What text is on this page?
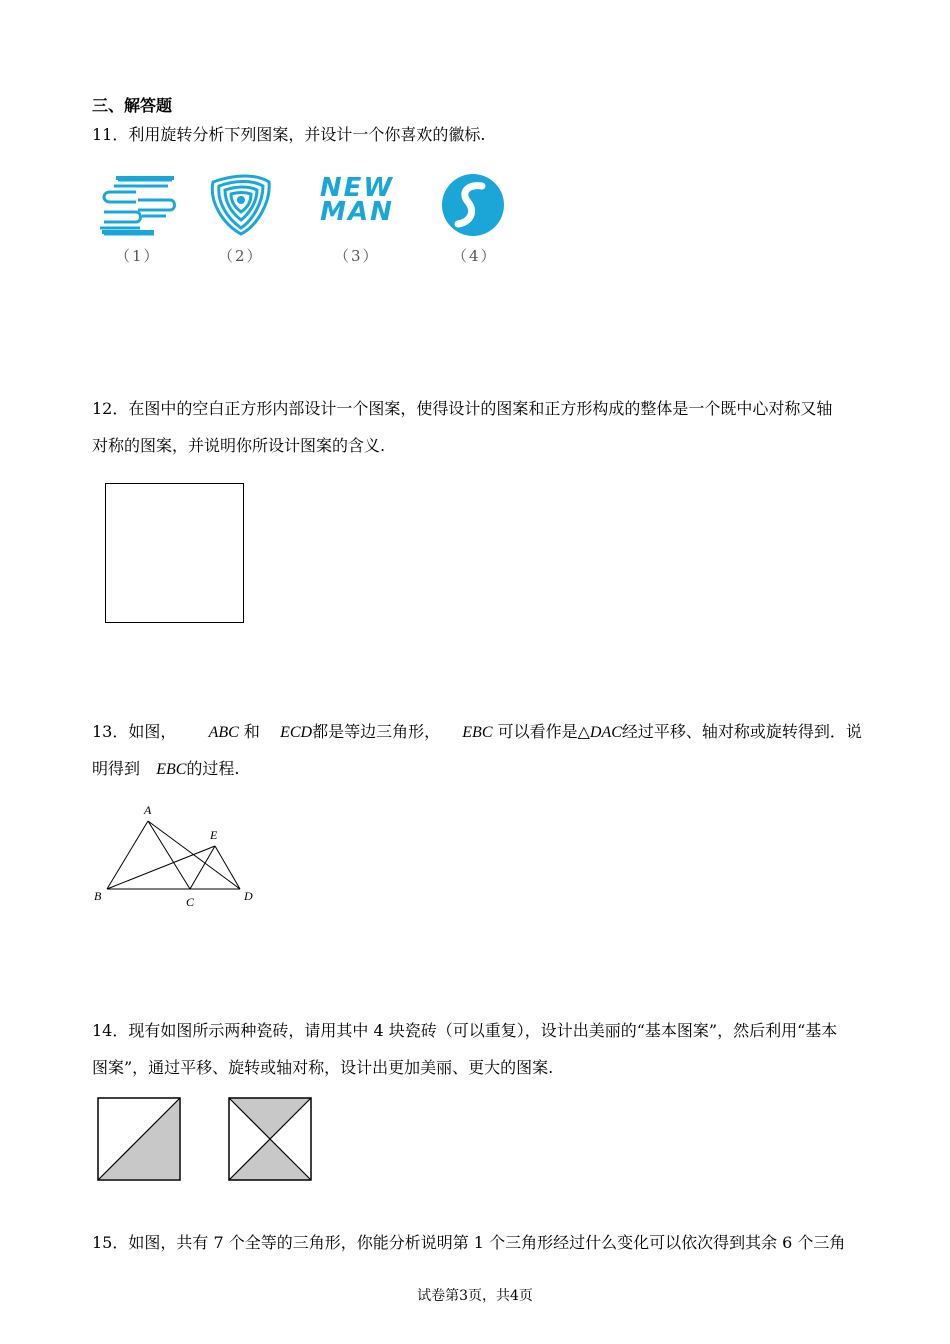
三、解答题
11．利用旋转分析下列图案，并设计一个你喜欢的徽标.
（1）	（2）
NEW
MAN
（3）	（4）
12．在图中的空白正方形内部设计一个图案，使得设计的图案和正方形构成的整体是一个既中心对称又轴
对称的图案，并说明你所设计图案的含义.
13．如图， ABC 和 ECD都是等边三角形， EBC 可以看作是△DAC经过平移、轴对称或旋转得到．说
明得到 EBC的过程.
A
E
B	C	D
14．现有如图所示两种瓷砖，请用其中 4 块瓷砖（可以重复），设计出美丽的“基本图案”，然后利用“基本
图案”，通过平移、旋转或轴对称，设计出更加美丽、更大的图案.
15．如图，共有 7 个全等的三角形，你能分析说明第 1 个三角形经过什么变化可以依次得到其余 6 个三角
试卷第3页，共4页
